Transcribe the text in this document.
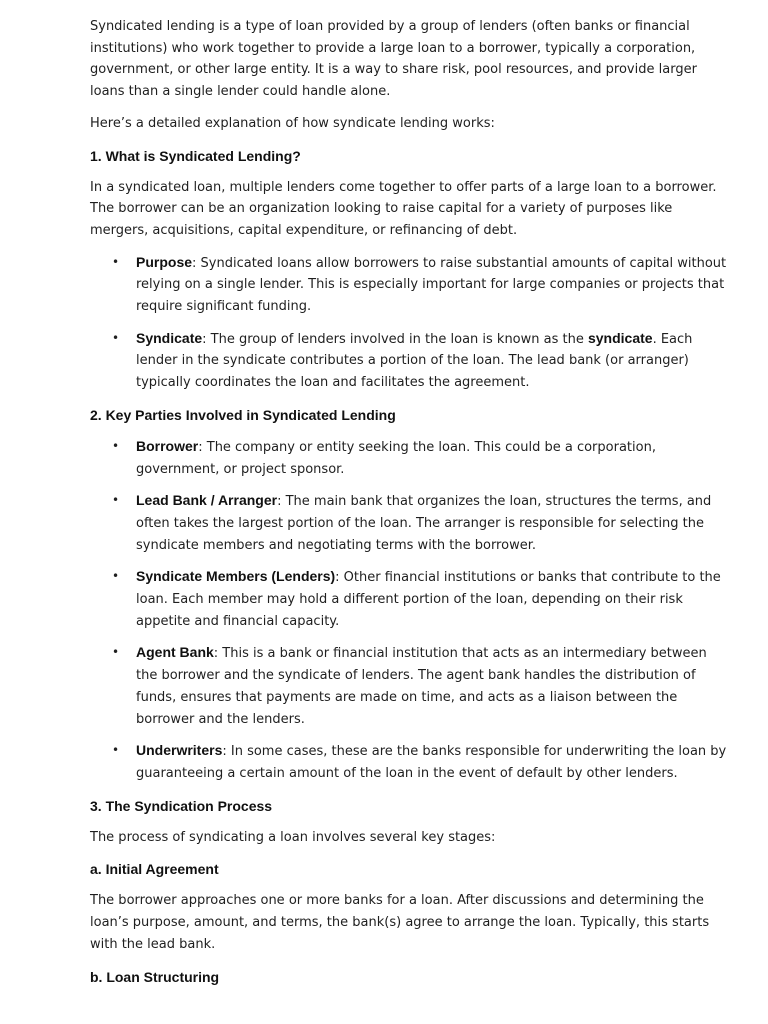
Syndicated lending is a type of loan provided by a group of lenders (often banks or financial institutions) who work together to provide a large loan to a borrower, typically a corporation, government, or other large entity. It is a way to share risk, pool resources, and provide larger loans than a single lender could handle alone.

Here’s a detailed explanation of how syndicate lending works:

1. What is Syndicated Lending?

In a syndicated loan, multiple lenders come together to offer parts of a large loan to a borrower. The borrower can be an organization looking to raise capital for a variety of purposes like mergers, acquisitions, capital expenditure, or refinancing of debt.

• Purpose: Syndicated loans allow borrowers to raise substantial amounts of capital without relying on a single lender. This is especially important for large companies or projects that require significant funding.
• Syndicate: The group of lenders involved in the loan is known as the syndicate. Each lender in the syndicate contributes a portion of the loan. The lead bank (or arranger) typically coordinates the loan and facilitates the agreement.
2. Key Parties Involved in Syndicated Lending
• Borrower: The company or entity seeking the loan. This could be a corporation, government, or project sponsor.
• Lead Bank / Arranger: The main bank that organizes the loan, structures the terms, and often takes the largest portion of the loan. The arranger is responsible for selecting the syndicate members and negotiating terms with the borrower.
• Syndicate Members (Lenders): Other financial institutions or banks that contribute to the loan. Each member may hold a different portion of the loan, depending on their risk appetite and financial capacity.
• Agent Bank: This is a bank or financial institution that acts as an intermediary between the borrower and the syndicate of lenders. The agent bank handles the distribution of funds, ensures that payments are made on time, and acts as a liaison between the borrower and the lenders.
• Underwriters: In some cases, these are the banks responsible for underwriting the loan by guaranteeing a certain amount of the loan in the event of default by other lenders.
3. The Syndication Process

The process of syndicating a loan involves several key stages:

a. Initial Agreement

The borrower approaches one or more banks for a loan. After discussions and determining the loan’s purpose, amount, and terms, the bank(s) agree to arrange the loan. Typically, this starts with the lead bank.

b. Loan Structuring
